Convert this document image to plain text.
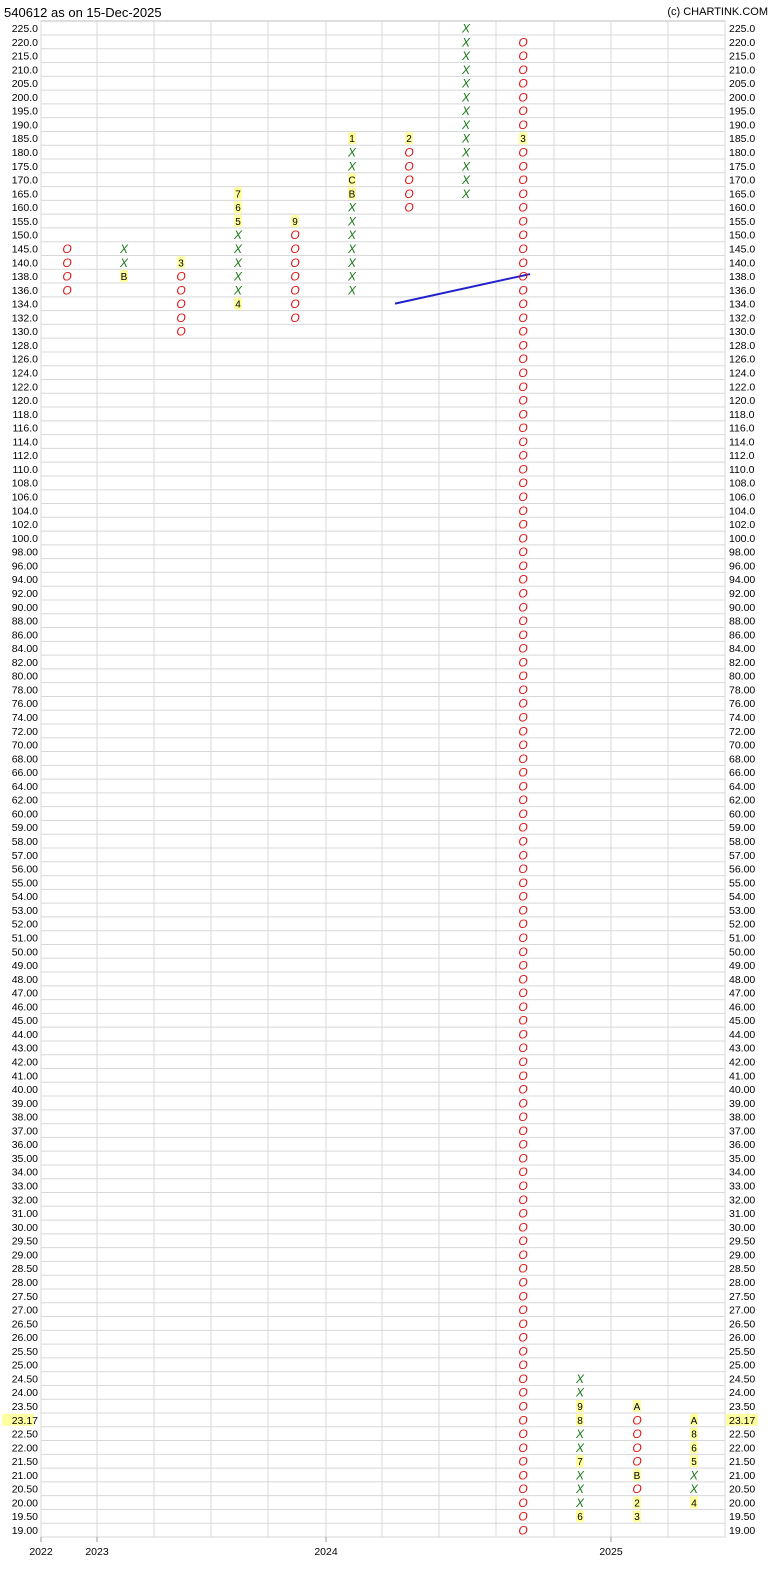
540612 as on 15-Dec-2025	(c) CHARTINK.COM
225.0
220.0
215.0
210.0
205.0
200.0
195.0
190.0
185.0
180.0
175.0
170.0
165.0
160.0
155.0
150.0
145.0
140.0
138.0
136.0
134.0
132.0
130.0
128.0
126.0
124.0
122.0
120.0
118.0
116.0
114.0
112.0
110.0
108.0
106.0
104.0
102.0
100.0
98.00
96.00
94.00
92.00
90.00
88.00
86.00
84.00
82.00
80.00
78.00
76.00
74.00
72.00
70.00
68.00
66.00
64.00
62.00
60.00
59.00
58.00
57.00
56.00
55.00
54.00
53.00
52.00
51.00
50.00
49.00
48.00
47.00
46.00
45.00
44.00
43.00
42.00
41.00
40.00
39.00
38.00
37.00
36.00
35.00
34.00
33.00
32.00
31.00
30.00
29.50
29.00
28.50
28.00
27.50
27.00
26.50
26.00
25.50
25.00
24.50
24.00
23.50
23.17
22.50
22.00
21.50
21.00
20.50
20.00
19.50
19.00
225.0
220.0
215.0
210.0
205.0
200.0
195.0
190.0
185.0
180.0
175.0
170.0
165.0
160.0
155.0
150.0
145.0
140.0
138.0
136.0
134.0
132.0
130.0
128.0
126.0
124.0
122.0
120.0
118.0
116.0
114.0
112.0
110.0
108.0
106.0
104.0
102.0
100.0
98.00
96.00
94.00
92.00
90.00
88.00
86.00
84.00
82.00
80.00
78.00
76.00
74.00
72.00
70.00
68.00
66.00
64.00
62.00
60.00
59.00
58.00
57.00
56.00
55.00
54.00
53.00
52.00
51.00
50.00
49.00
48.00
47.00
46.00
45.00
44.00
43.00
42.00
41.00
40.00
39.00
38.00
37.00
36.00
35.00
34.00
33.00
32.00
31.00
30.00
29.50
29.00
28.50
28.00
27.50
27.00
26.50
26.00
25.50
25.00
24.50
24.00
23.50
23.17
22.50
22.00
21.50
21.00
20.50
20.00
19.50
19.00
O
O
O
O
B
X
X
3
O
O
O
O
O
4
X
X
X
X
X
5
6
7
9
O
O
O
O
O
O
O
X
X
X
X
X
X
X
B
C
X
X
1	2
O
O
O
O
O
X
X
X
X
X
X
X
X
X
X
X
X
X
O
O
O
O
O
O
O
3
O
O
O
O
O
O
O
O
O
O
O
O
O
O
O
O
O
O
O
O
O
O
O
O
O
O
O
O
O
O
O
O
O
O
O
O
O
O
O
O
O
O
O
O
O
O
O
O
O
O
O
O
O
O
O
O
O
O
O
O
O
O
O
O
O
O
O
O
O
O
O
O
O
O
O
O
O
O
O
O
O
O
O
O
O
O
O
O
O
O
O
O
O
O
O
O
O
O
O
O
O
6
X
X
X
7
X
X
8
9
X
X
A
O
O
O
O
B
O
2
3
4
X
X
5
6
8
A
2022	2023	2024	2025
